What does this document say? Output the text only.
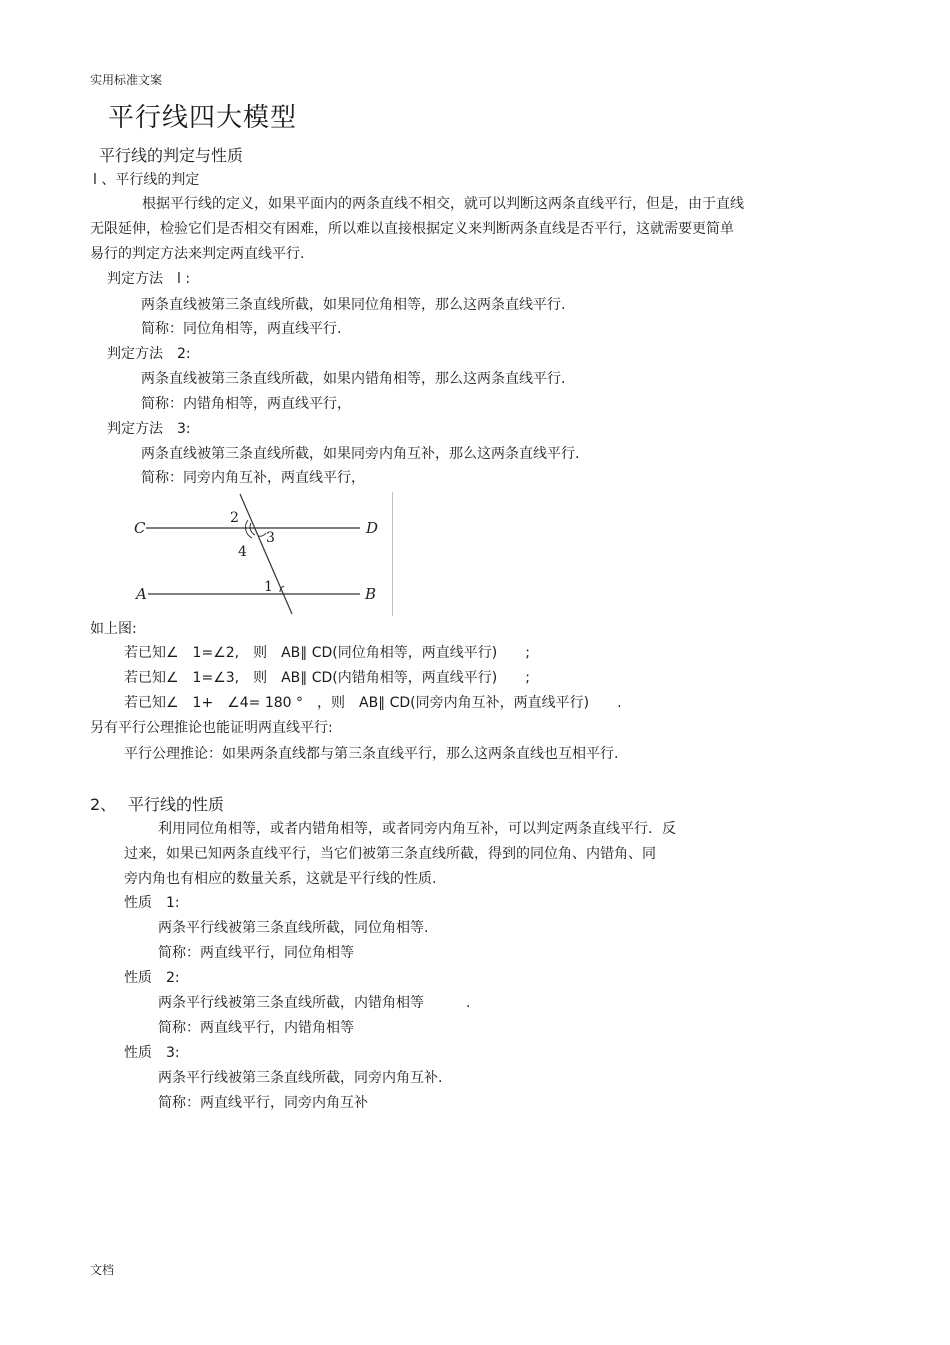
实用标准文案
平行线四大模型
平行线的判定与性质
l 、平行线的判定
根据平行线的定义，如果平面内的两条直线不相交，就可以判断这两条直线平行，但是，由于直线
无限延伸，检验它们是否相交有困难，所以难以直接根据定义来判断两条直线是否平行，这就需要更简单
易行的判定方法来判定两直线平行.
判定方法　l :
两条直线被第三条直线所截，如果同位角相等，那么这两条直线平行.
简称：同位角相等，两直线平行.
判定方法　2:
两条直线被第三条直线所截，如果内错角相等，那么这两条直线平行.
简称：内错角相等，两直线平行，
判定方法　3:
两条直线被第三条直线所截，如果同旁内角互补，那么这两条直线平行.
简称：同旁内角互补，两直线平行，
C	D
A	B
2
3
4
1
如上图:
若已知∠　1=∠2,　则　AB∥ CD(同位角相等，两直线平行)　　;
若已知∠　1=∠3,　则　AB∥ CD(内错角相等，两直线平行)　　;
若已知∠　1+　∠4= 180 °　，则　AB∥ CD(同旁内角互补，两直线平行)　　.
另有平行公理推论也能证明两直线平行:
平行公理推论：如果两条直线都与第三条直线平行，那么这两条直线也互相平行.
2、 平行线的性质
利用同位角相等，或者内错角相等，或者同旁内角互补，可以判定两条直线平行．反
过来，如果已知两条直线平行，当它们被第三条直线所截，得到的同位角、内错角、同
旁内角也有相应的数量关系，这就是平行线的性质.
性质　1:
两条平行线被第三条直线所截，同位角相等.
简称：两直线平行，同位角相等
性质　2:
两条平行线被第三条直线所截，内错角相等　　　.
简称：两直线平行，内错角相等
性质　3:
两条平行线被第三条直线所截，同旁内角互补.
简称：两直线平行，同旁内角互补
文档
